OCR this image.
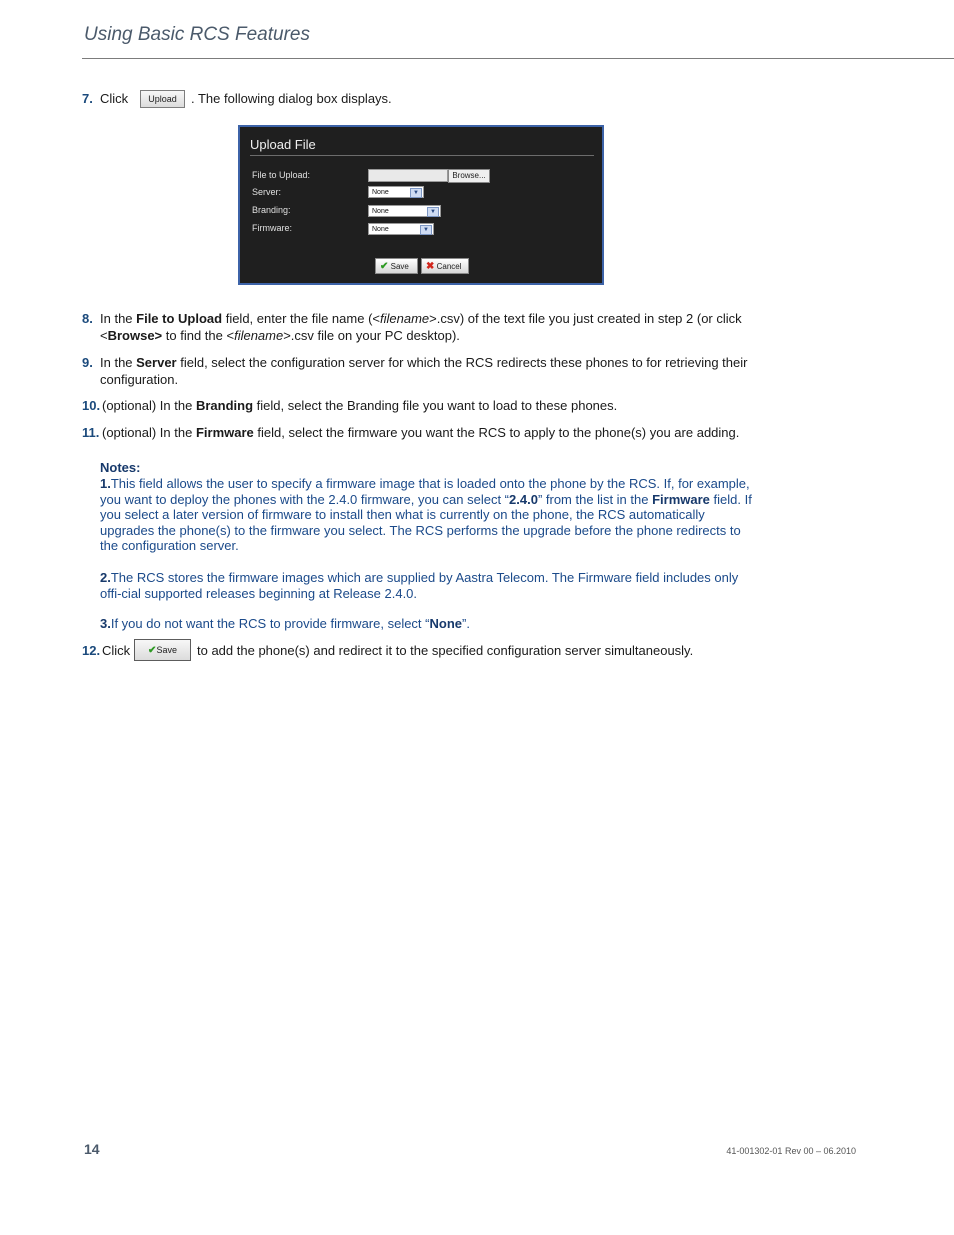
Using Basic RCS Features
7. Click	Upload	. The following dialog box displays.
Upload File
File to Upload:	Browse...
Server:	None	▼
Branding:	None	▼
Firmware:	None	▼
✔ Save	✖ Cancel
8. In the File to Upload field, enter the file name (<filename>.csv) of the text file you just created in step 2 (or click <Browse> to find the <filename>.csv file on your PC desktop).
9. In the Server field, select the configuration server for which the RCS redirects these phones to for retrieving their configuration.
10. (optional) In the Branding field, select the Branding file you want to load to these phones.
11. (optional) In the Firmware field, select the firmware you want the RCS to apply to the phone(s) you are adding.
Notes:
1.This field allows the user to specify a firmware image that is loaded onto the phone by the RCS. If, for example, you want to deploy the phones with the 2.4.0 firmware, you can select “2.4.0” from the list in the Firmware field. If you select a later version of firmware to install then what is currently on the phone, the RCS automatically upgrades the phone(s) to the firmware you select. The RCS performs the upgrade before the phone redirects to the configuration server.
2.The RCS stores the firmware images which are supplied by Aastra Telecom. The Firmware field includes only offi-cial supported releases beginning at Release 2.4.0.
3.If you do not want the RCS to provide firmware, select “None”.
12. Click	✔Save	to add the phone(s) and redirect it to the specified configuration server simultaneously.
14	41-001302-01 Rev 00 – 06.2010
